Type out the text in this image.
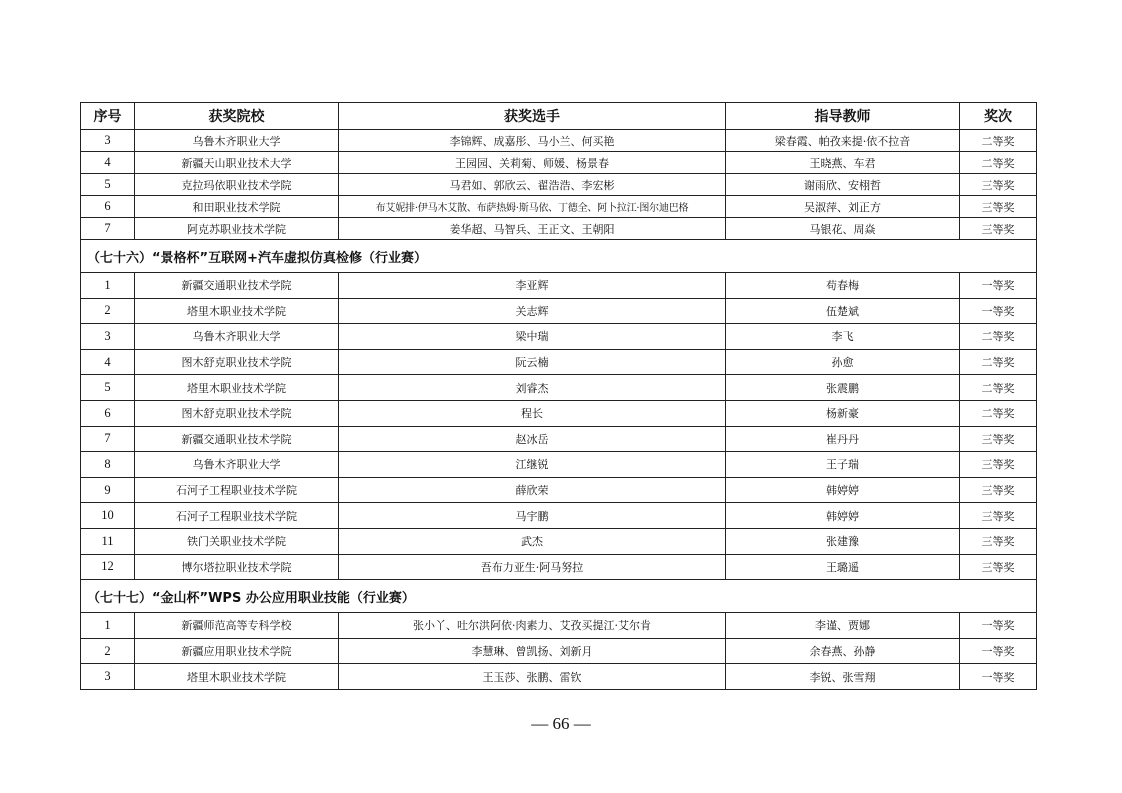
序号	获奖院校	获奖选手	指导教师	奖次
3	乌鲁木齐职业大学	李锦辉、成嘉彤、马小兰、何买艳	梁春霞、帕孜来提·依不拉音	二等奖
4	新疆天山职业技术大学	王园园、关莉菊、师媛、杨景春	王晓燕、车君	二等奖
5	克拉玛依职业技术学院	马君如、郭欣云、翟浩浩、李宏彬	谢雨欣、安栩哲	三等奖
6	和田职业技术学院	布艾妮排·伊马木艾散、布萨热姆·斯马依、丁德全、阿卜拉江·图尔迪巴格	吴淑萍、刘正方	三等奖
7	阿克苏职业技术学院	姜华超、马智兵、王正文、王朝阳	马银花、周焱	三等奖
（七十六）“景格杯”互联网+汽车虚拟仿真检修（行业赛）				
1	新疆交通职业技术学院	李亚辉	苟春梅	一等奖
2	塔里木职业技术学院	关志辉	伍楚斌	一等奖
3	乌鲁木齐职业大学	梁中瑞	李飞	二等奖
4	图木舒克职业技术学院	阮云楠	孙愈	二等奖
5	塔里木职业技术学院	刘睿杰	张震鹏	二等奖
6	图木舒克职业技术学院	程长	杨新豪	二等奖
7	新疆交通职业技术学院	赵冰岳	崔丹丹	三等奖
8	乌鲁木齐职业大学	江继锐	王子瑞	三等奖
9	石河子工程职业技术学院	薛欣荣	韩婷婷	三等奖
10	石河子工程职业技术学院	马宇鹏	韩婷婷	三等奖
11	铁门关职业技术学院	武杰	张建豫	三等奖
12	博尔塔拉职业技术学院	吾布力亚生·阿马努拉	王璐遥	三等奖
（七十七）“金山杯”WPS 办公应用职业技能（行业赛）				
1	新疆师范高等专科学校	张小丫、吐尔洪阿依·肉素力、艾孜买提江·艾尔肯	李谨、贾娜	一等奖
2	新疆应用职业技术学院	李慧琳、曾凯扬、刘新月	余春燕、孙静	一等奖
3	塔里木职业技术学院	王玉莎、张鹏、雷钦	李锐、张雪翔	一等奖
— 66 —
